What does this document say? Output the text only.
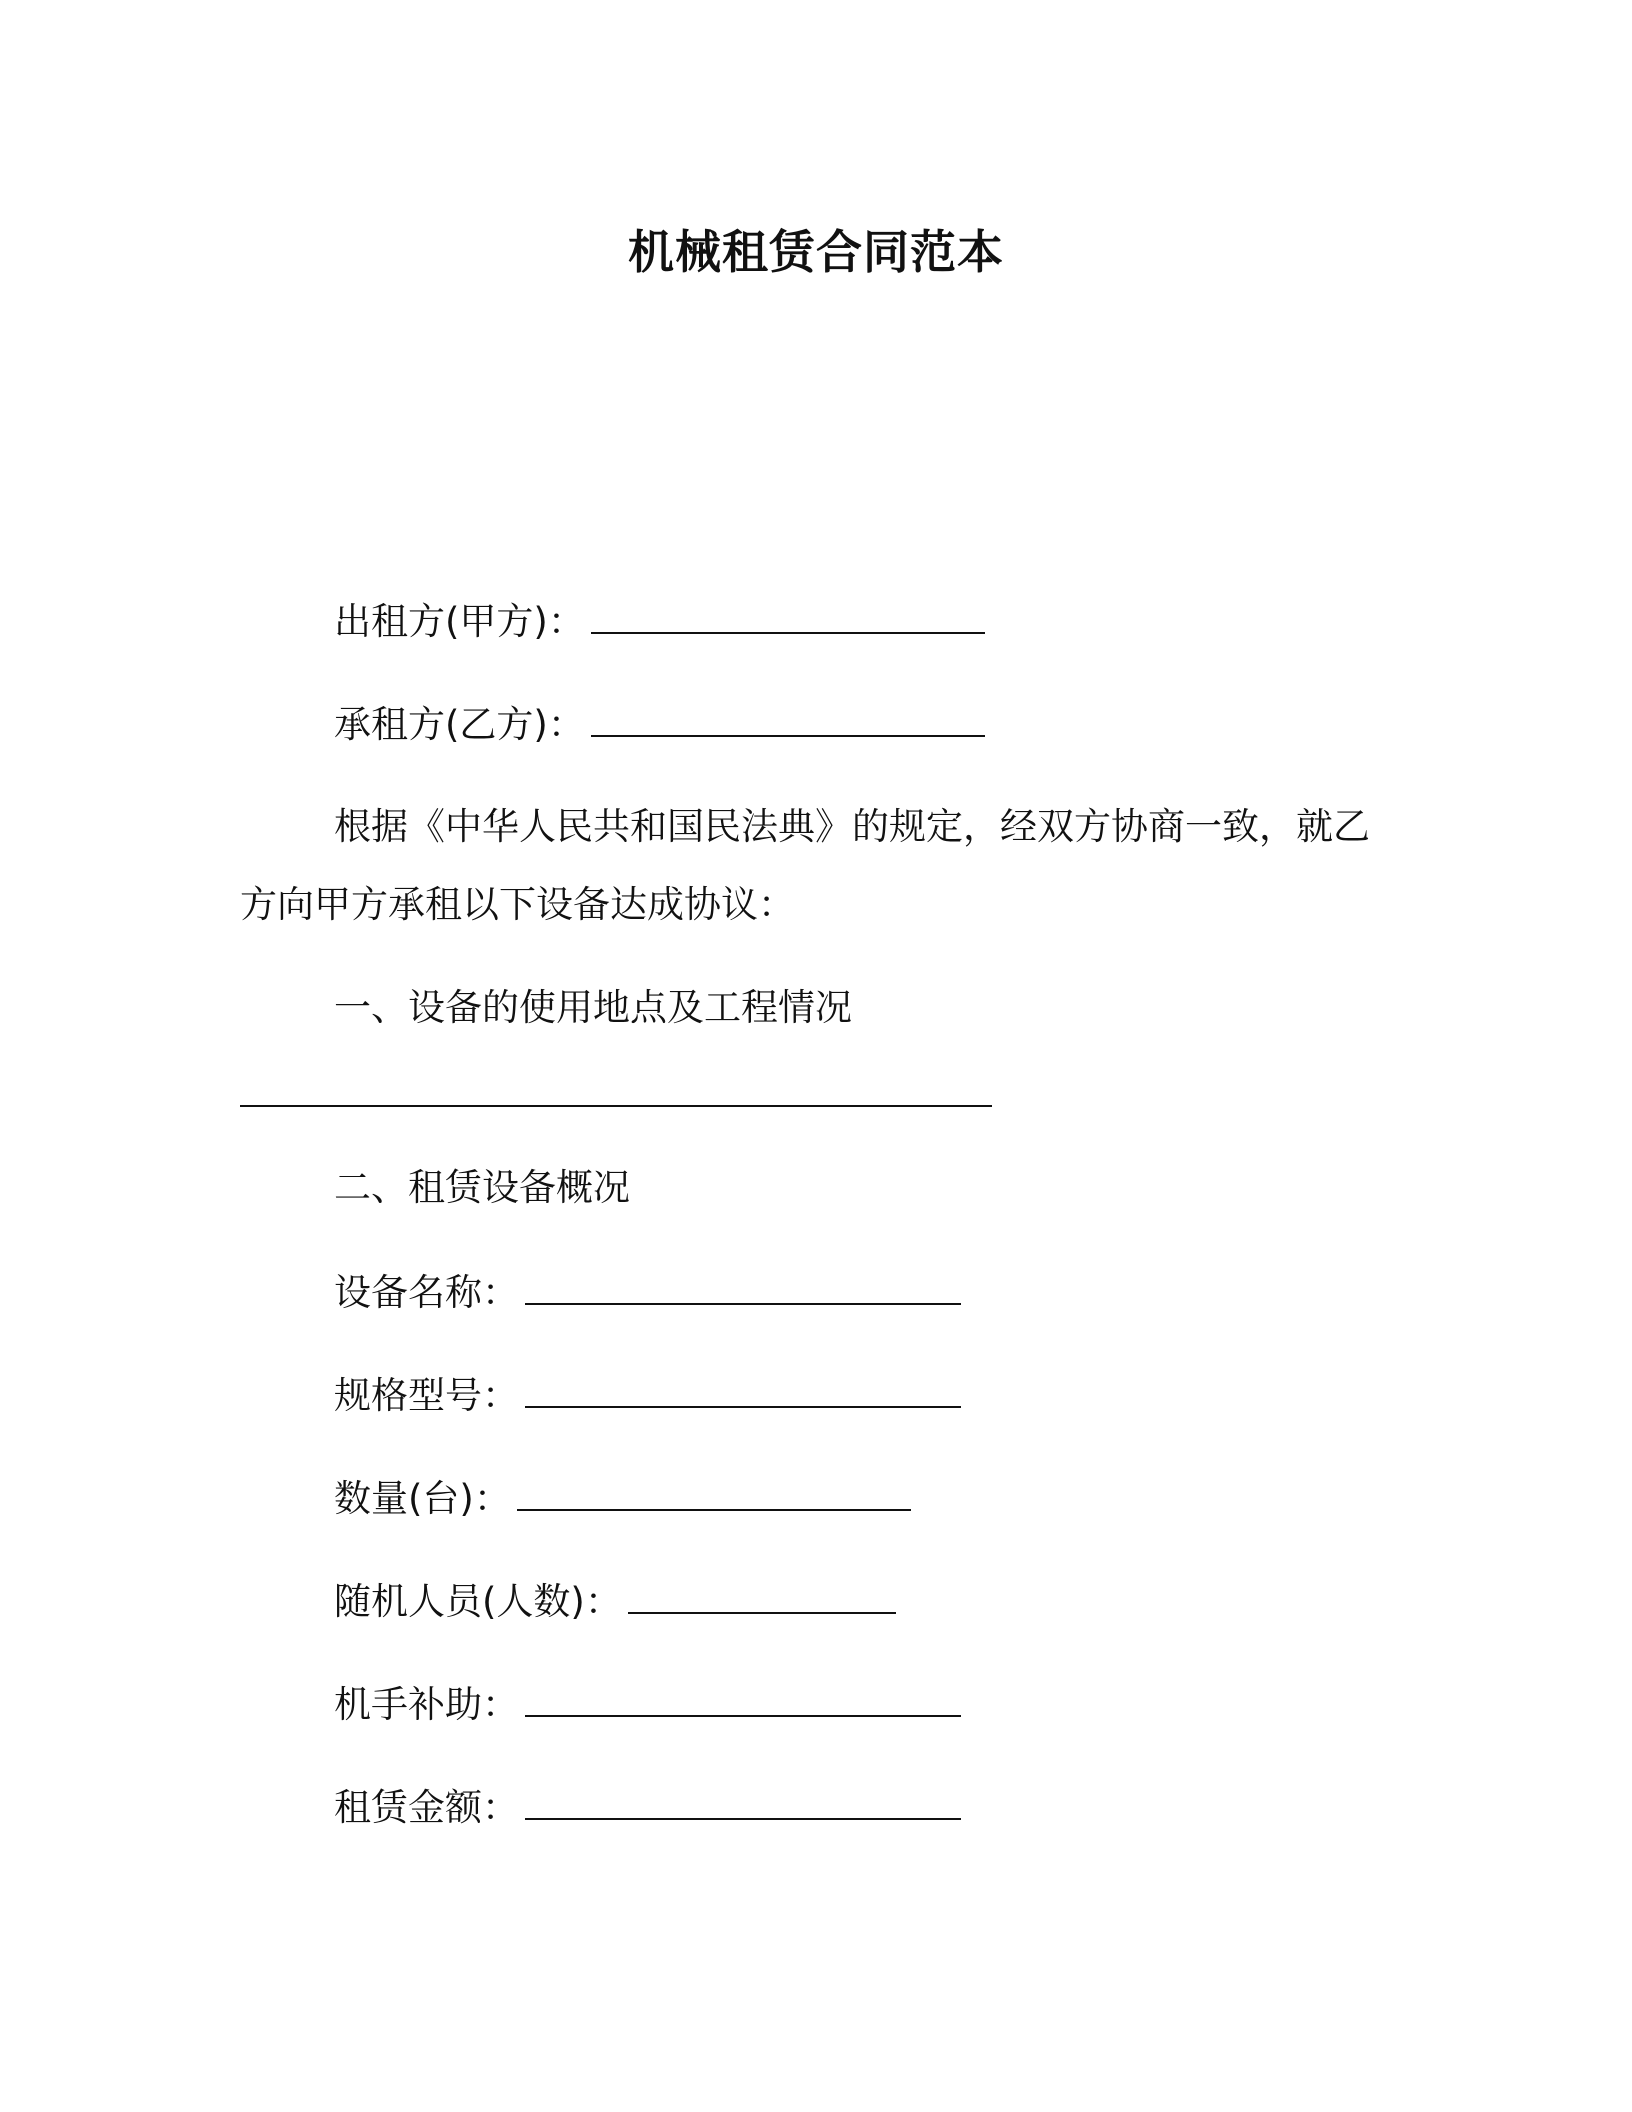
机械租赁合同范本
出租方(甲方)：
承租方(乙方)：
根据《中华人民共和国民法典》的规定，经双方协商一致，就乙
方向甲方承租以下设备达成协议：
一、设备的使用地点及工程情况
二、租赁设备概况
设备名称：
规格型号：
数量(台)：
随机人员(人数)：
机手补助：
租赁金额：
